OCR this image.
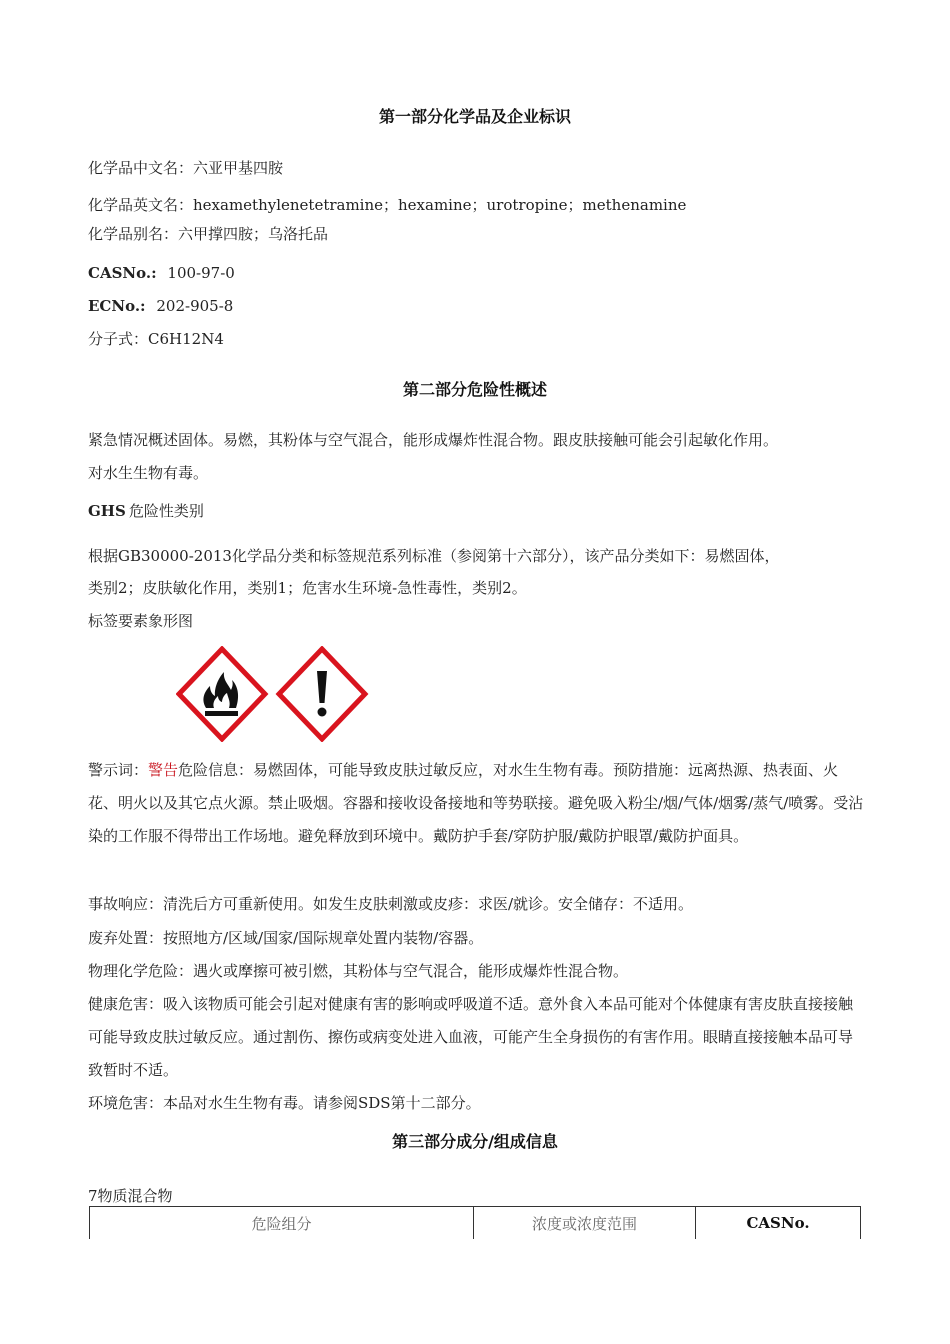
第一部分化学品及企业标识
化学品中文名：六亚甲基四胺
化学品英文名：hexamethylenetetramine；hexamine；urotropine；methenamine
化学品别名：六甲撑四胺；乌洛托品
CASNo.: 100-97-0
ECNo.: 202-905-8
分子式：C6H12N4
第二部分危险性概述
紧急情况概述固体。易燃，其粉体与空气混合，能形成爆炸性混合物。跟皮肤接触可能会引起敏化作用。
对水生生物有毒。
GHS 危险性类别
根据GB30000-2013化学品分类和标签规范系列标准（参阅第十六部分），该产品分类如下：易燃固体，
类别2；皮肤敏化作用，类别1；危害水生环境-急性毒性，类别2。
标签要素象形图
警示词：警告危险信息：易燃固体，可能导致皮肤过敏反应，对水生生物有毒。预防措施：远离热源、热表面、火花、明火以及其它点火源。禁止吸烟。容器和接收设备接地和等势联接。避免吸入粉尘/烟/气体/烟雾/蒸气/喷雾。受沾染的工作服不得带出工作场地。避免释放到环境中。戴防护手套/穿防护服/戴防护眼罩/戴防护面具。
事故响应：清洗后方可重新使用。如发生皮肤刺激或皮疹：求医/就诊。安全储存：不适用。
废弃处置：按照地方/区域/国家/国际规章处置内装物/容器。
物理化学危险：遇火或摩擦可被引燃，其粉体与空气混合，能形成爆炸性混合物。
健康危害：吸入该物质可能会引起对健康有害的影响或呼吸道不适。意外食入本品可能对个体健康有害皮肤直接接触可能导致皮肤过敏反应。通过割伤、擦伤或病变处进入血液，可能产生全身损伤的有害作用。眼睛直接接触本品可导致暂时不适。
环境危害：本品对水生生物有毒。请参阅SDS第十二部分。
第三部分成分/组成信息
7物质混合物
危险组分	浓度或浓度范围	CASNo.
